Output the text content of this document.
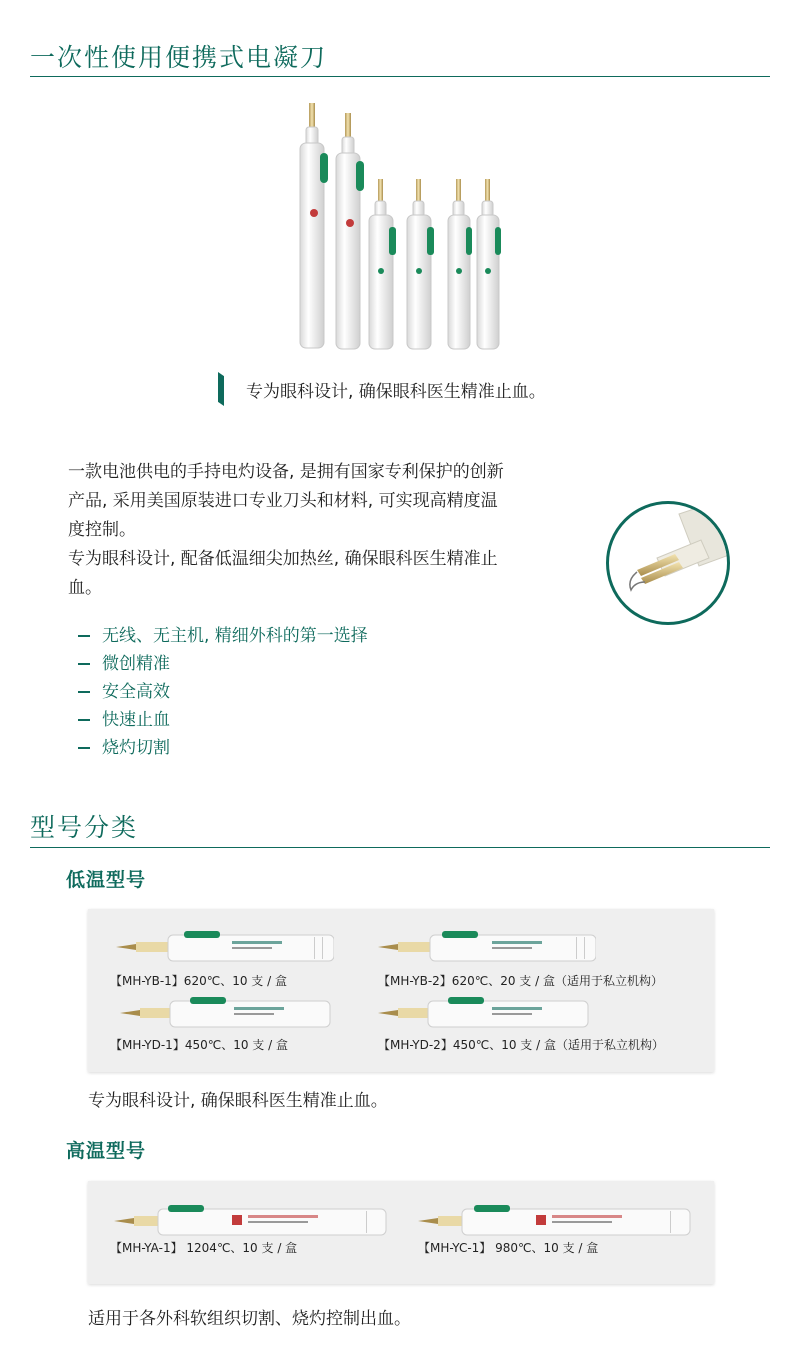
一次性使用便携式电凝刀
专为眼科设计, 确保眼科医生精准止血。

一款电池供电的手持电灼设备, 是拥有国家专利保护的创新

产品, 采用美国原装进口专业刀头和材料, 可实现高精度温

度控制。

专为眼科设计, 配备低温细尖加热丝, 确保眼科医生精准止

血。

无线、无主机, 精细外科的第一选择
微创精准
安全高效
快速止血
烧灼切割
型号分类
低温型号
【MH-YB-1】620℃、10 支 / 盒	【MH-YB-2】620℃、20 支 / 盒（适用于私立机构）
【MH-YD-1】450℃、10 支 / 盒	【MH-YD-2】450℃、10 支 / 盒（适用于私立机构）
专为眼科设计, 确保眼科医生精准止血。
高温型号
【MH-YA-1】 1204℃、10 支 / 盒	【MH-YC-1】 980℃、10 支 / 盒
适用于各外科软组织切割、烧灼控制出血。
